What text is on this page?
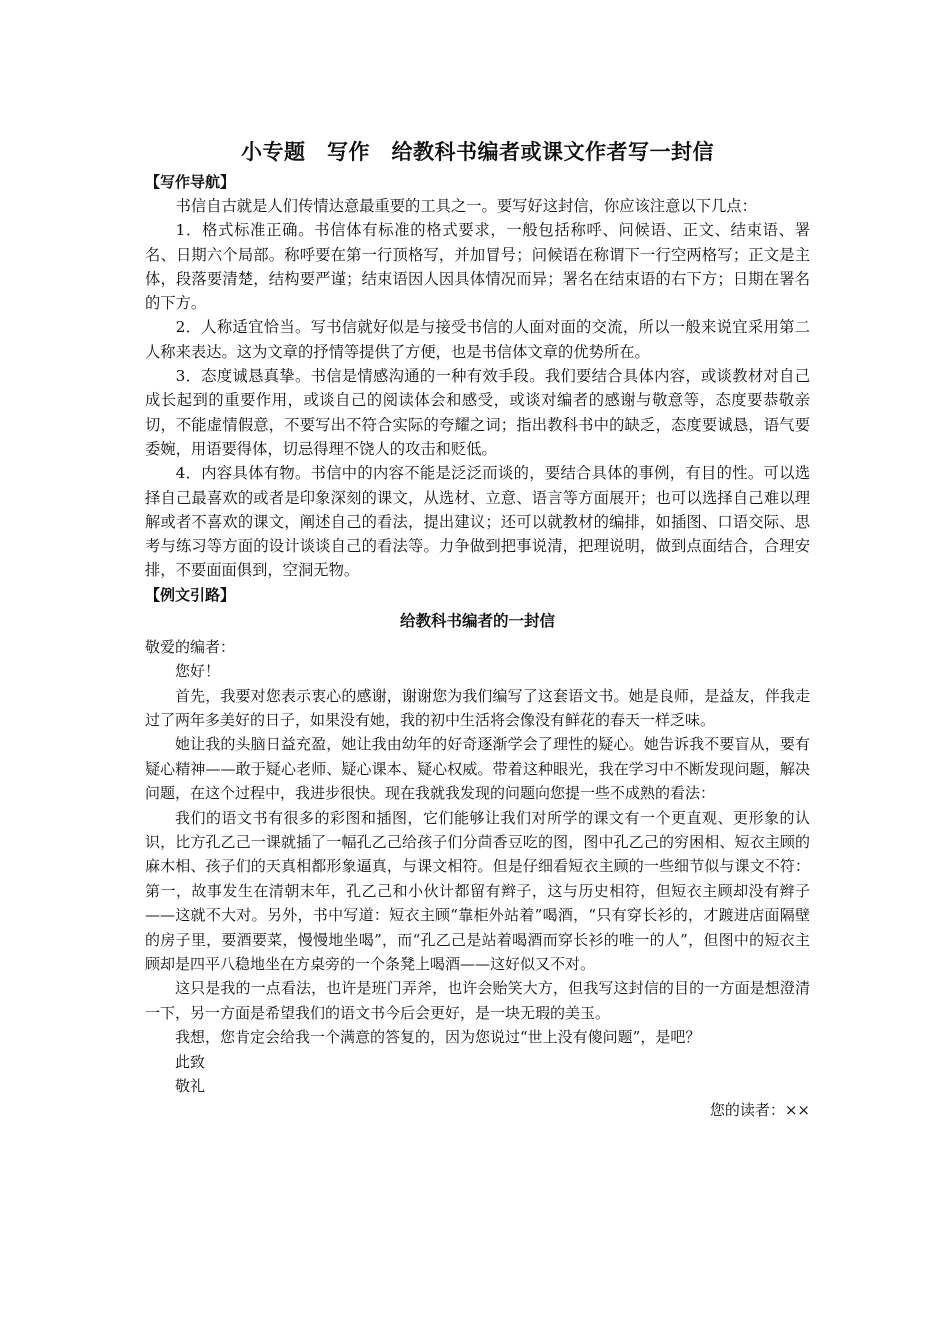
小专题　写作　给教科书编者或课文作者写一封信

【写作导航】

书信自古就是人们传情达意最重要的工具之一。要写好这封信，你应该注意以下几点：

1．格式标准正确。书信体有标准的格式要求，一般包括称呼、问候语、正文、结束语、署名、日期六个局部。称呼要在第一行顶格写，并加冒号；问候语在称谓下一行空两格写；正文是主体，段落要清楚，结构要严谨；结束语因人因具体情况而异；署名在结束语的右下方；日期在署名的下方。

2．人称适宜恰当。写书信就好似是与接受书信的人面对面的交流，所以一般来说宜采用第二人称来表达。这为文章的抒情等提供了方便，也是书信体文章的优势所在。

3．态度诚恳真挚。书信是情感沟通的一种有效手段。我们要结合具体内容，或谈教材对自己成长起到的重要作用，或谈自己的阅读体会和感受，或谈对编者的感谢与敬意等，态度要恭敬亲切，不能虚情假意，不要写出不符合实际的夸耀之词；指出教科书中的缺乏，态度要诚恳，语气要委婉，用语要得体，切忌得理不饶人的攻击和贬低。

4．内容具体有物。书信中的内容不能是泛泛而谈的，要结合具体的事例，有目的性。可以选择自己最喜欢的或者是印象深刻的课文，从选材、立意、语言等方面展开；也可以选择自己难以理解或者不喜欢的课文，阐述自己的看法，提出建议；还可以就教材的编排，如插图、口语交际、思考与练习等方面的设计谈谈自己的看法等。力争做到把事说清，把理说明，做到点面结合，合理安排，不要面面俱到，空洞无物。

【例文引路】

给教科书编者的一封信

敬爱的编者：

您好！

首先，我要对您表示衷心的感谢，谢谢您为我们编写了这套语文书。她是良师，是益友，伴我走过了两年多美好的日子，如果没有她，我的初中生活将会像没有鲜花的春天一样乏味。

她让我的头脑日益充盈，她让我由幼年的好奇逐渐学会了理性的疑心。她告诉我不要盲从，要有疑心精神——敢于疑心老师、疑心课本、疑心权威。带着这种眼光，我在学习中不断发现问题，解决问题，在这个过程中，我进步很快。现在我就我发现的问题向您提一些不成熟的看法：

我们的语文书有很多的彩图和插图，它们能够让我们对所学的课文有一个更直观、更形象的认识，比方孔乙己一课就插了一幅孔乙己给孩子们分茴香豆吃的图，图中孔乙己的穷困相、短衣主顾的麻木相、孩子们的天真相都形象逼真，与课文相符。但是仔细看短衣主顾的一些细节似与课文不符：第一，故事发生在清朝末年，孔乙己和小伙计都留有辫子，这与历史相符，但短衣主顾却没有辫子——这就不大对。另外，书中写道：短衣主顾“靠柜外站着”喝酒，“只有穿长衫的，才踱进店面隔壁的房子里，要酒要菜，慢慢地坐喝”，而“孔乙己是站着喝酒而穿长衫的唯一的人”，但图中的短衣主顾却是四平八稳地坐在方桌旁的一个条凳上喝酒——这好似又不对。

这只是我的一点看法，也许是班门弄斧，也许会贻笑大方，但我写这封信的目的一方面是想澄清一下，另一方面是希望我们的语文书今后会更好，是一块无瑕的美玉。

我想，您肯定会给我一个满意的答复的，因为您说过“世上没有傻问题”，是吧？

此致

敬礼

您的读者：××
